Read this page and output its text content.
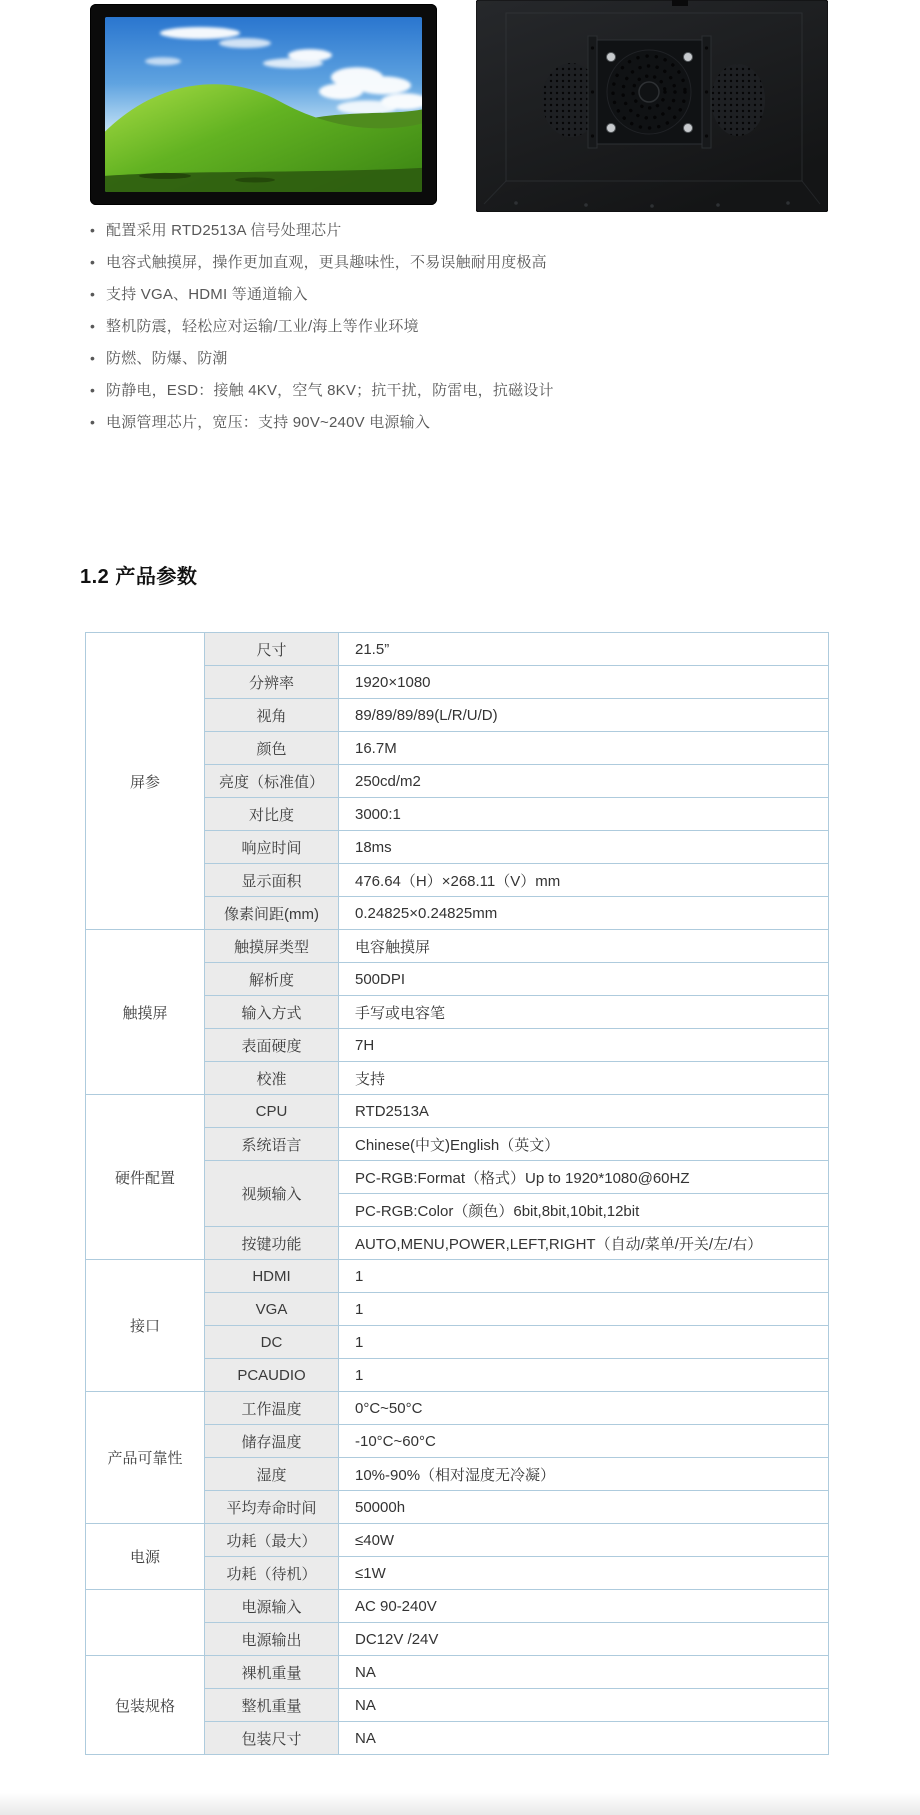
• 配置采用 RTD2513A 信号处理芯片
• 电容式触摸屏，操作更加直观，更具趣味性，不易误触耐用度极高
• 支持 VGA、HDMI 等通道输入
• 整机防震，轻松应对运输/工业/海上等作业环境
• 防燃、防爆、防潮
• 防静电，ESD：接触 4KV，空气 8KV；抗干扰，防雷电，抗磁设计
• 电源管理芯片，宽压：支持 90V~240V 电源输入
1.2 产品参数
屏参	尺寸	21.5”
	分辨率	1920×1080
	视角	89/89/89/89(L/R/U/D)
	颜色	16.7M
	亮度（标准值）	250cd/m2
	对比度	3000:1
	响应时间	18ms
	显示面积	476.64（H）×268.11（V）mm
	像素间距(mm)	0.24825×0.24825mm
触摸屏	触摸屏类型	电容触摸屏
	解析度	500DPI
	输入方式	手写或电容笔
	表面硬度	7H
	校准	支持
硬件配置	CPU	RTD2513A
	系统语言	Chinese(中文)English（英文）
	视频输入	PC-RGB:Format（格式）Up to 1920*1080@60HZ
		PC-RGB:Color（颜色）6bit,8bit,10bit,12bit
	按键功能	AUTO,MENU,POWER,LEFT,RIGHT（自动/菜单/开关/左/右）
接口	HDMI	1
	VGA	1
	DC	1
	PCAUDIO	1
产品可靠性	工作温度	0°C~50°C
	储存温度	-10°C~60°C
	湿度	10%-90%（相对湿度无冷凝）
	平均寿命时间	50000h
电源	功耗（最大）	≤40W
	功耗（待机）	≤1W
	电源输入	AC 90-240V
	电源输出	DC12V /24V
包装规格	裸机重量	NA
	整机重量	NA
	包装尺寸	NA
